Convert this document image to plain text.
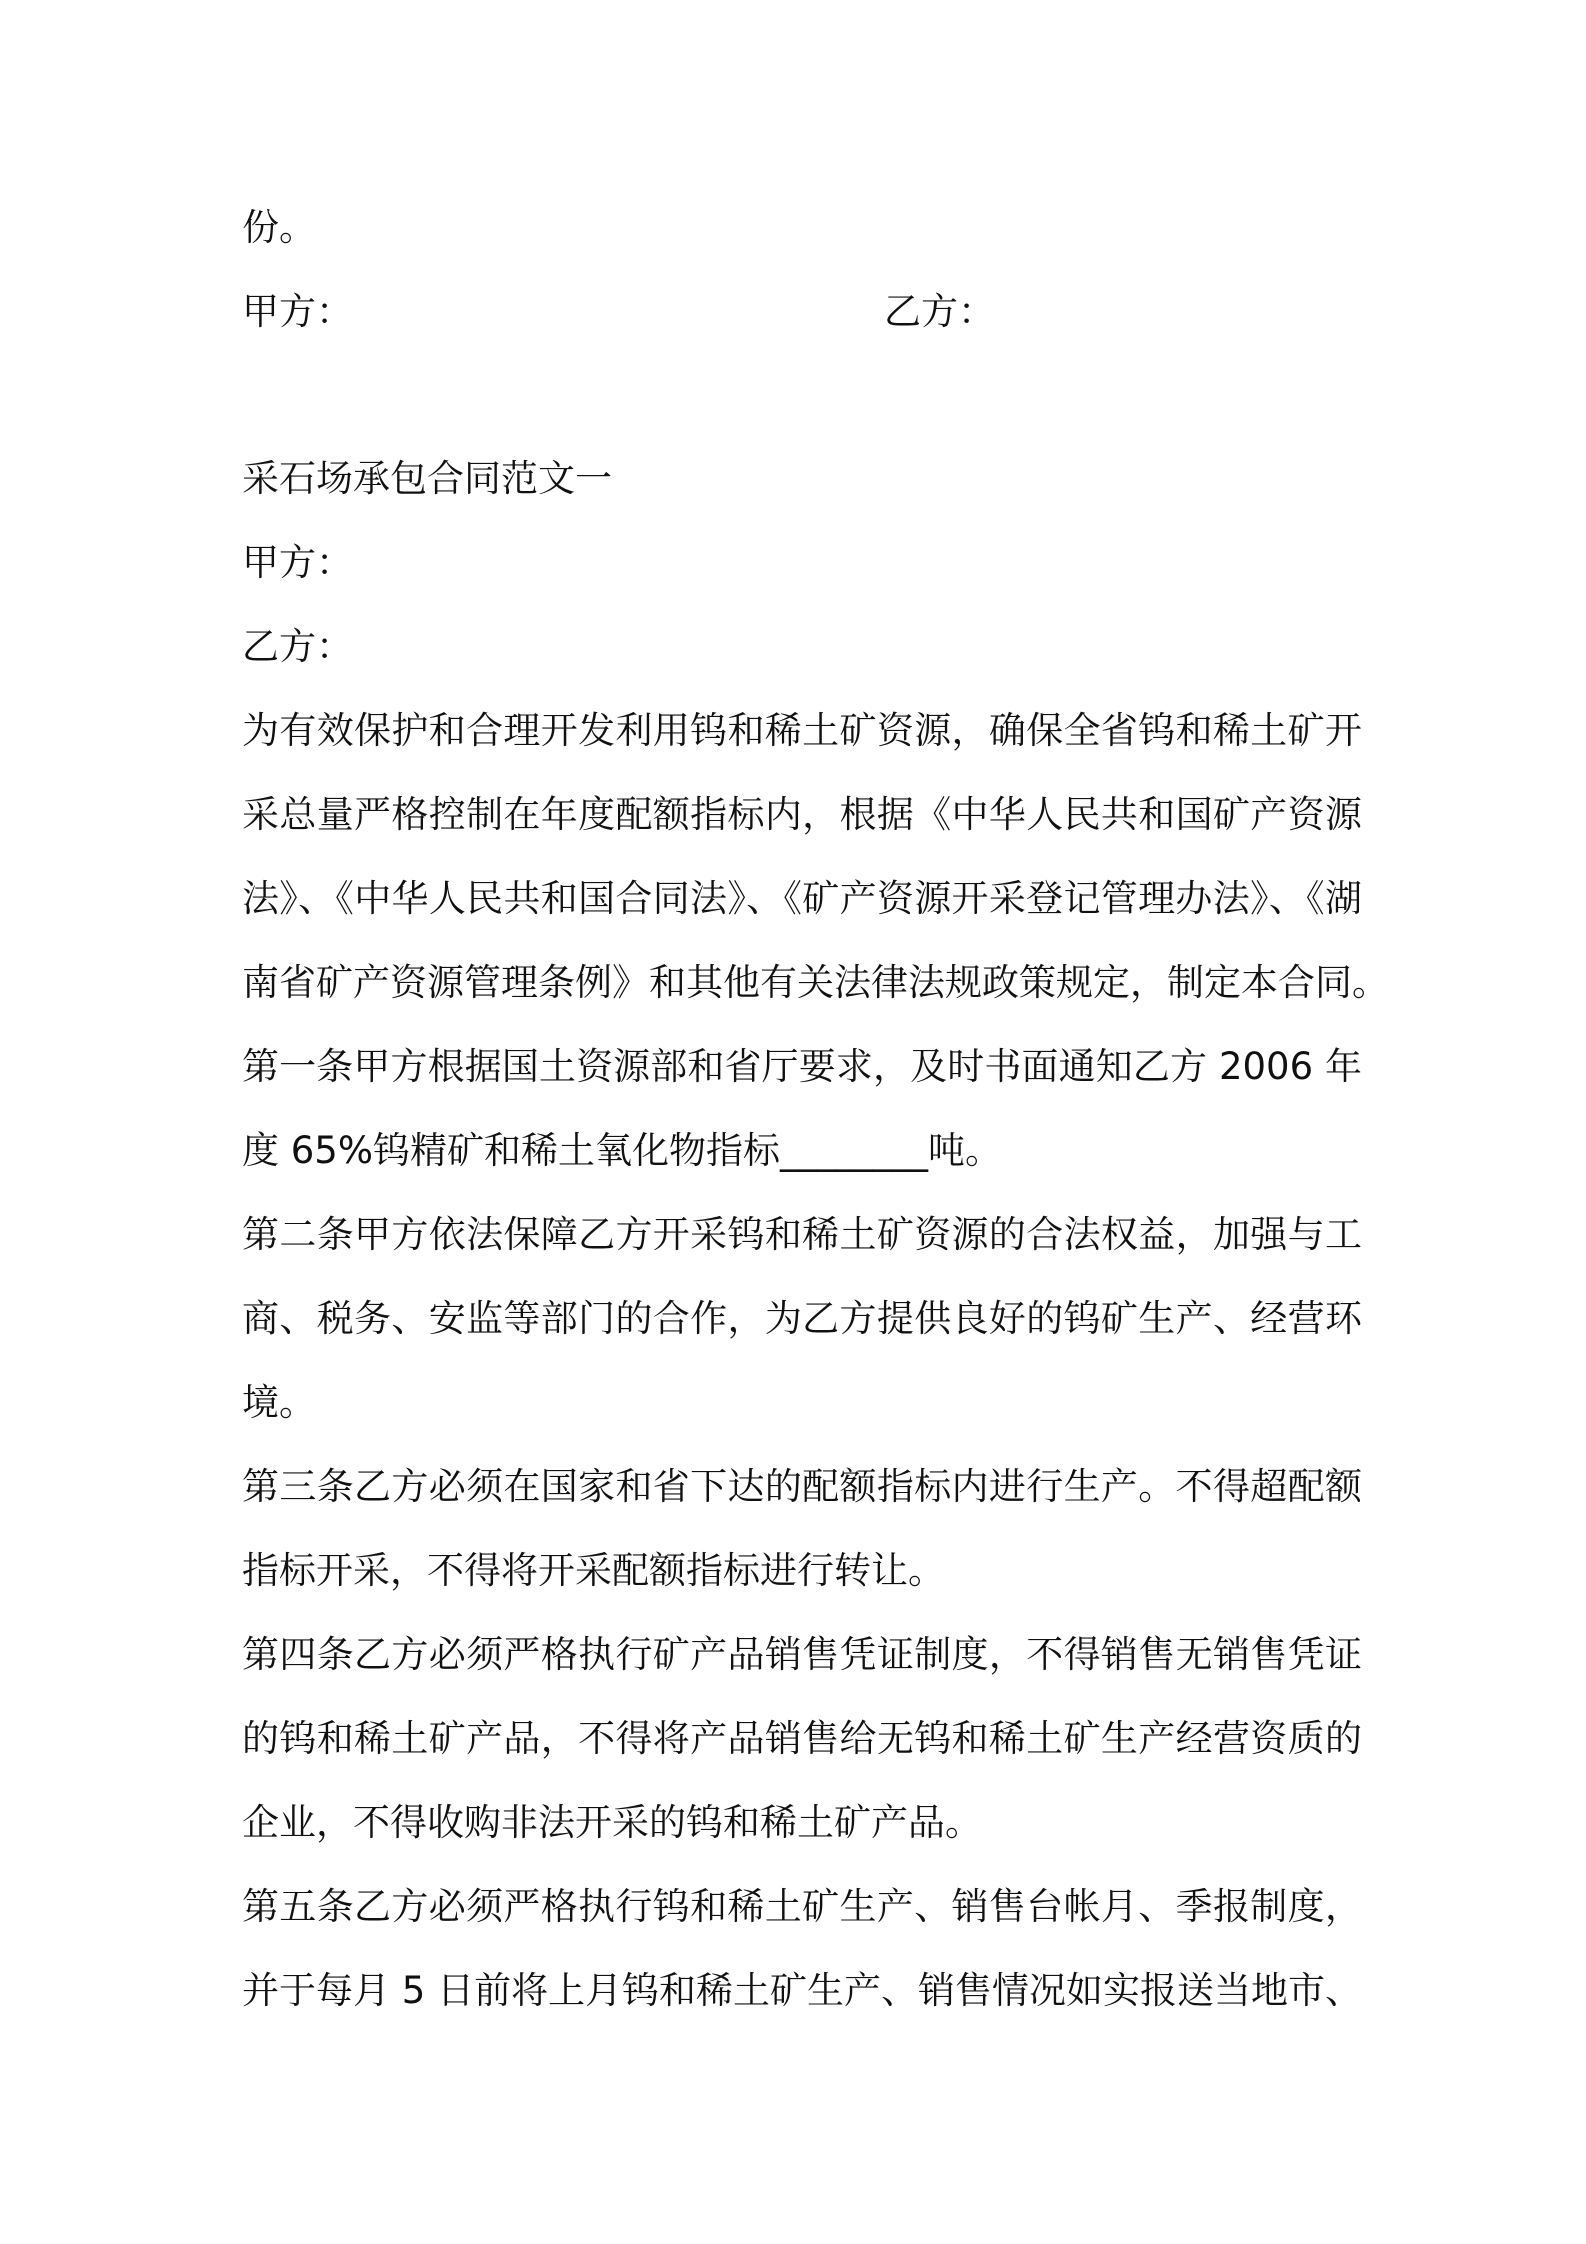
份。
甲方：	乙方：
采石场承包合同范文一
甲方：
乙方：
为有效保护和合理开发利用钨和稀土矿资源，确保全省钨和稀土矿开
采总量严格控制在年度配额指标内，根据《中华人民共和国矿产资源
法》、《中华人民共和国合同法》、《矿产资源开采登记管理办法》、《湖
南省矿产资源管理条例》和其他有关法律法规政策规定，制定本合同。
第一条甲方根据国土资源部和省厅要求，及时书面通知乙方 2006 年
度 65%钨精矿和稀土氧化物指标________吨。
第二条甲方依法保障乙方开采钨和稀土矿资源的合法权益，加强与工
商、税务、安监等部门的合作，为乙方提供良好的钨矿生产、经营环
境。
第三条乙方必须在国家和省下达的配额指标内进行生产。不得超配额
指标开采，不得将开采配额指标进行转让。
第四条乙方必须严格执行矿产品销售凭证制度，不得销售无销售凭证
的钨和稀土矿产品，不得将产品销售给无钨和稀土矿生产经营资质的
企业，不得收购非法开采的钨和稀土矿产品。
第五条乙方必须严格执行钨和稀土矿生产、销售台帐月、季报制度，
并于每月 5 日前将上月钨和稀土矿生产、销售情况如实报送当地市、
